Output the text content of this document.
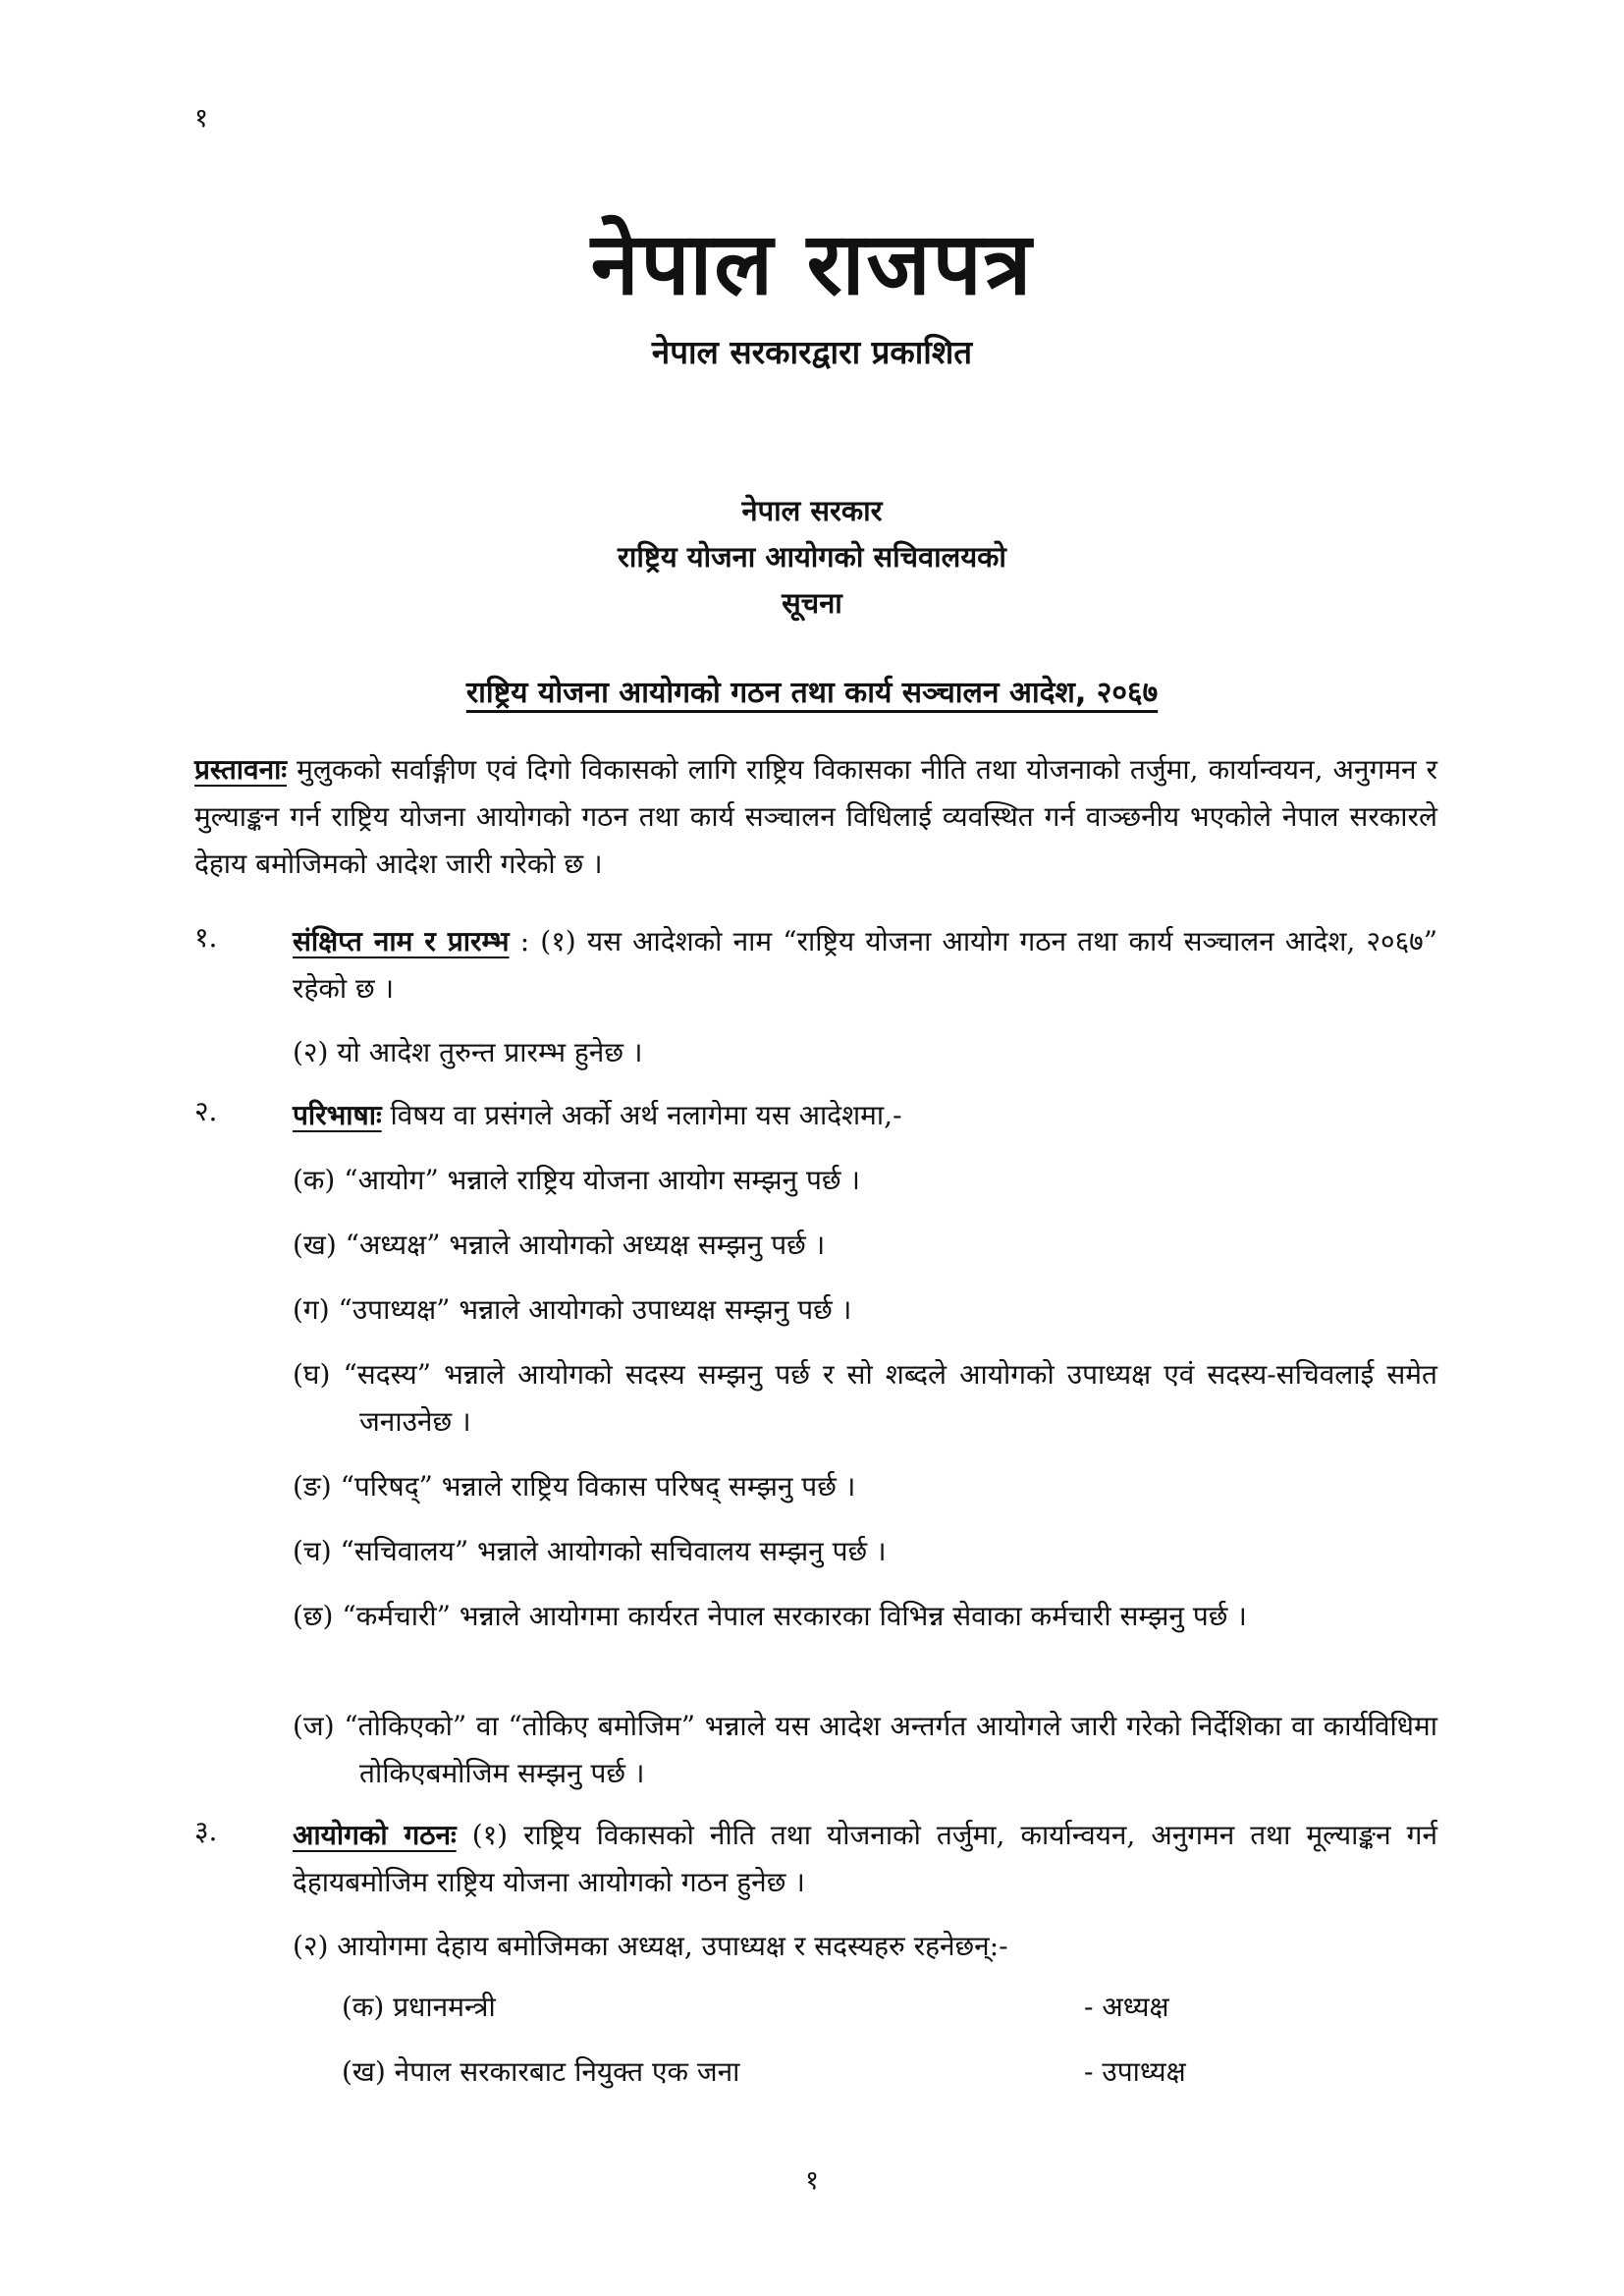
१
नेपाल राजपत्र
नेपाल सरकारद्वारा प्रकाशित
नेपाल सरकार
राष्ट्रिय योजना आयोगको सचिवालयको
सूचना
राष्ट्रिय योजना आयोगको गठन तथा कार्य सञ्चालन आदेश, २०६७
प्रस्तावनाः मुलुकको सर्वाङ्गीण एवं दिगो विकासको लागि राष्ट्रिय विकासका नीति तथा योजनाको तर्जुमा, कार्यान्वयन, अनुगमन र मुल्याङ्कन गर्न राष्ट्रिय योजना आयोगको गठन तथा कार्य सञ्चालन विधिलाई व्यवस्थित गर्न वाञ्छनीय भएकोले नेपाल सरकारले देहाय बमोजिमको आदेश जारी गरेको छ ।
१.	संक्षिप्त नाम र प्रारम्भ : (१) यस आदेशको नाम “राष्ट्रिय योजना आयोग गठन तथा कार्य सञ्चालन आदेश, २०६७” रहेको छ ।
(२) यो आदेश तुरुन्त प्रारम्भ हुनेछ ।
२.	परिभाषाः विषय वा प्रसंगले अर्को अर्थ नलागेमा यस आदेशमा,-
(क) “आयोग” भन्नाले राष्ट्रिय योजना आयोग सम्झनु पर्छ ।
(ख) “अध्यक्ष” भन्नाले आयोगको अध्यक्ष सम्झनु पर्छ ।
(ग) “उपाध्यक्ष” भन्नाले आयोगको उपाध्यक्ष सम्झनु पर्छ ।
(घ) “सदस्य” भन्नाले आयोगको सदस्य सम्झनु पर्छ र सो शब्दले आयोगको उपाध्यक्ष एवं सदस्य-सचिवलाई समेत जनाउनेछ ।
(ङ) “परिषद्” भन्नाले राष्ट्रिय विकास परिषद् सम्झनु पर्छ ।
(च) “सचिवालय” भन्नाले आयोगको सचिवालय सम्झनु पर्छ ।
(छ) “कर्मचारी” भन्नाले आयोगमा कार्यरत नेपाल सरकारका विभिन्न सेवाका कर्मचारी सम्झनु पर्छ ।
(ज) “तोकिएको” वा “तोकिए बमोजिम” भन्नाले यस आदेश अन्तर्गत आयोगले जारी गरेको निर्देशिका वा कार्यविधिमा तोकिएबमोजिम सम्झनु पर्छ ।
३.	आयोगको गठनः (१) राष्ट्रिय विकासको नीति तथा योजनाको तर्जुमा, कार्यान्वयन, अनुगमन तथा मूल्याङ्कन गर्न देहायबमोजिम राष्ट्रिय योजना आयोगको गठन हुनेछ ।
(२) आयोगमा देहाय बमोजिमका अध्यक्ष, उपाध्यक्ष र सदस्यहरु रहनेछन्:-
(क) प्रधानमन्त्री	- अध्यक्ष
(ख) नेपाल सरकारबाट नियुक्त एक जना	- उपाध्यक्ष
१
